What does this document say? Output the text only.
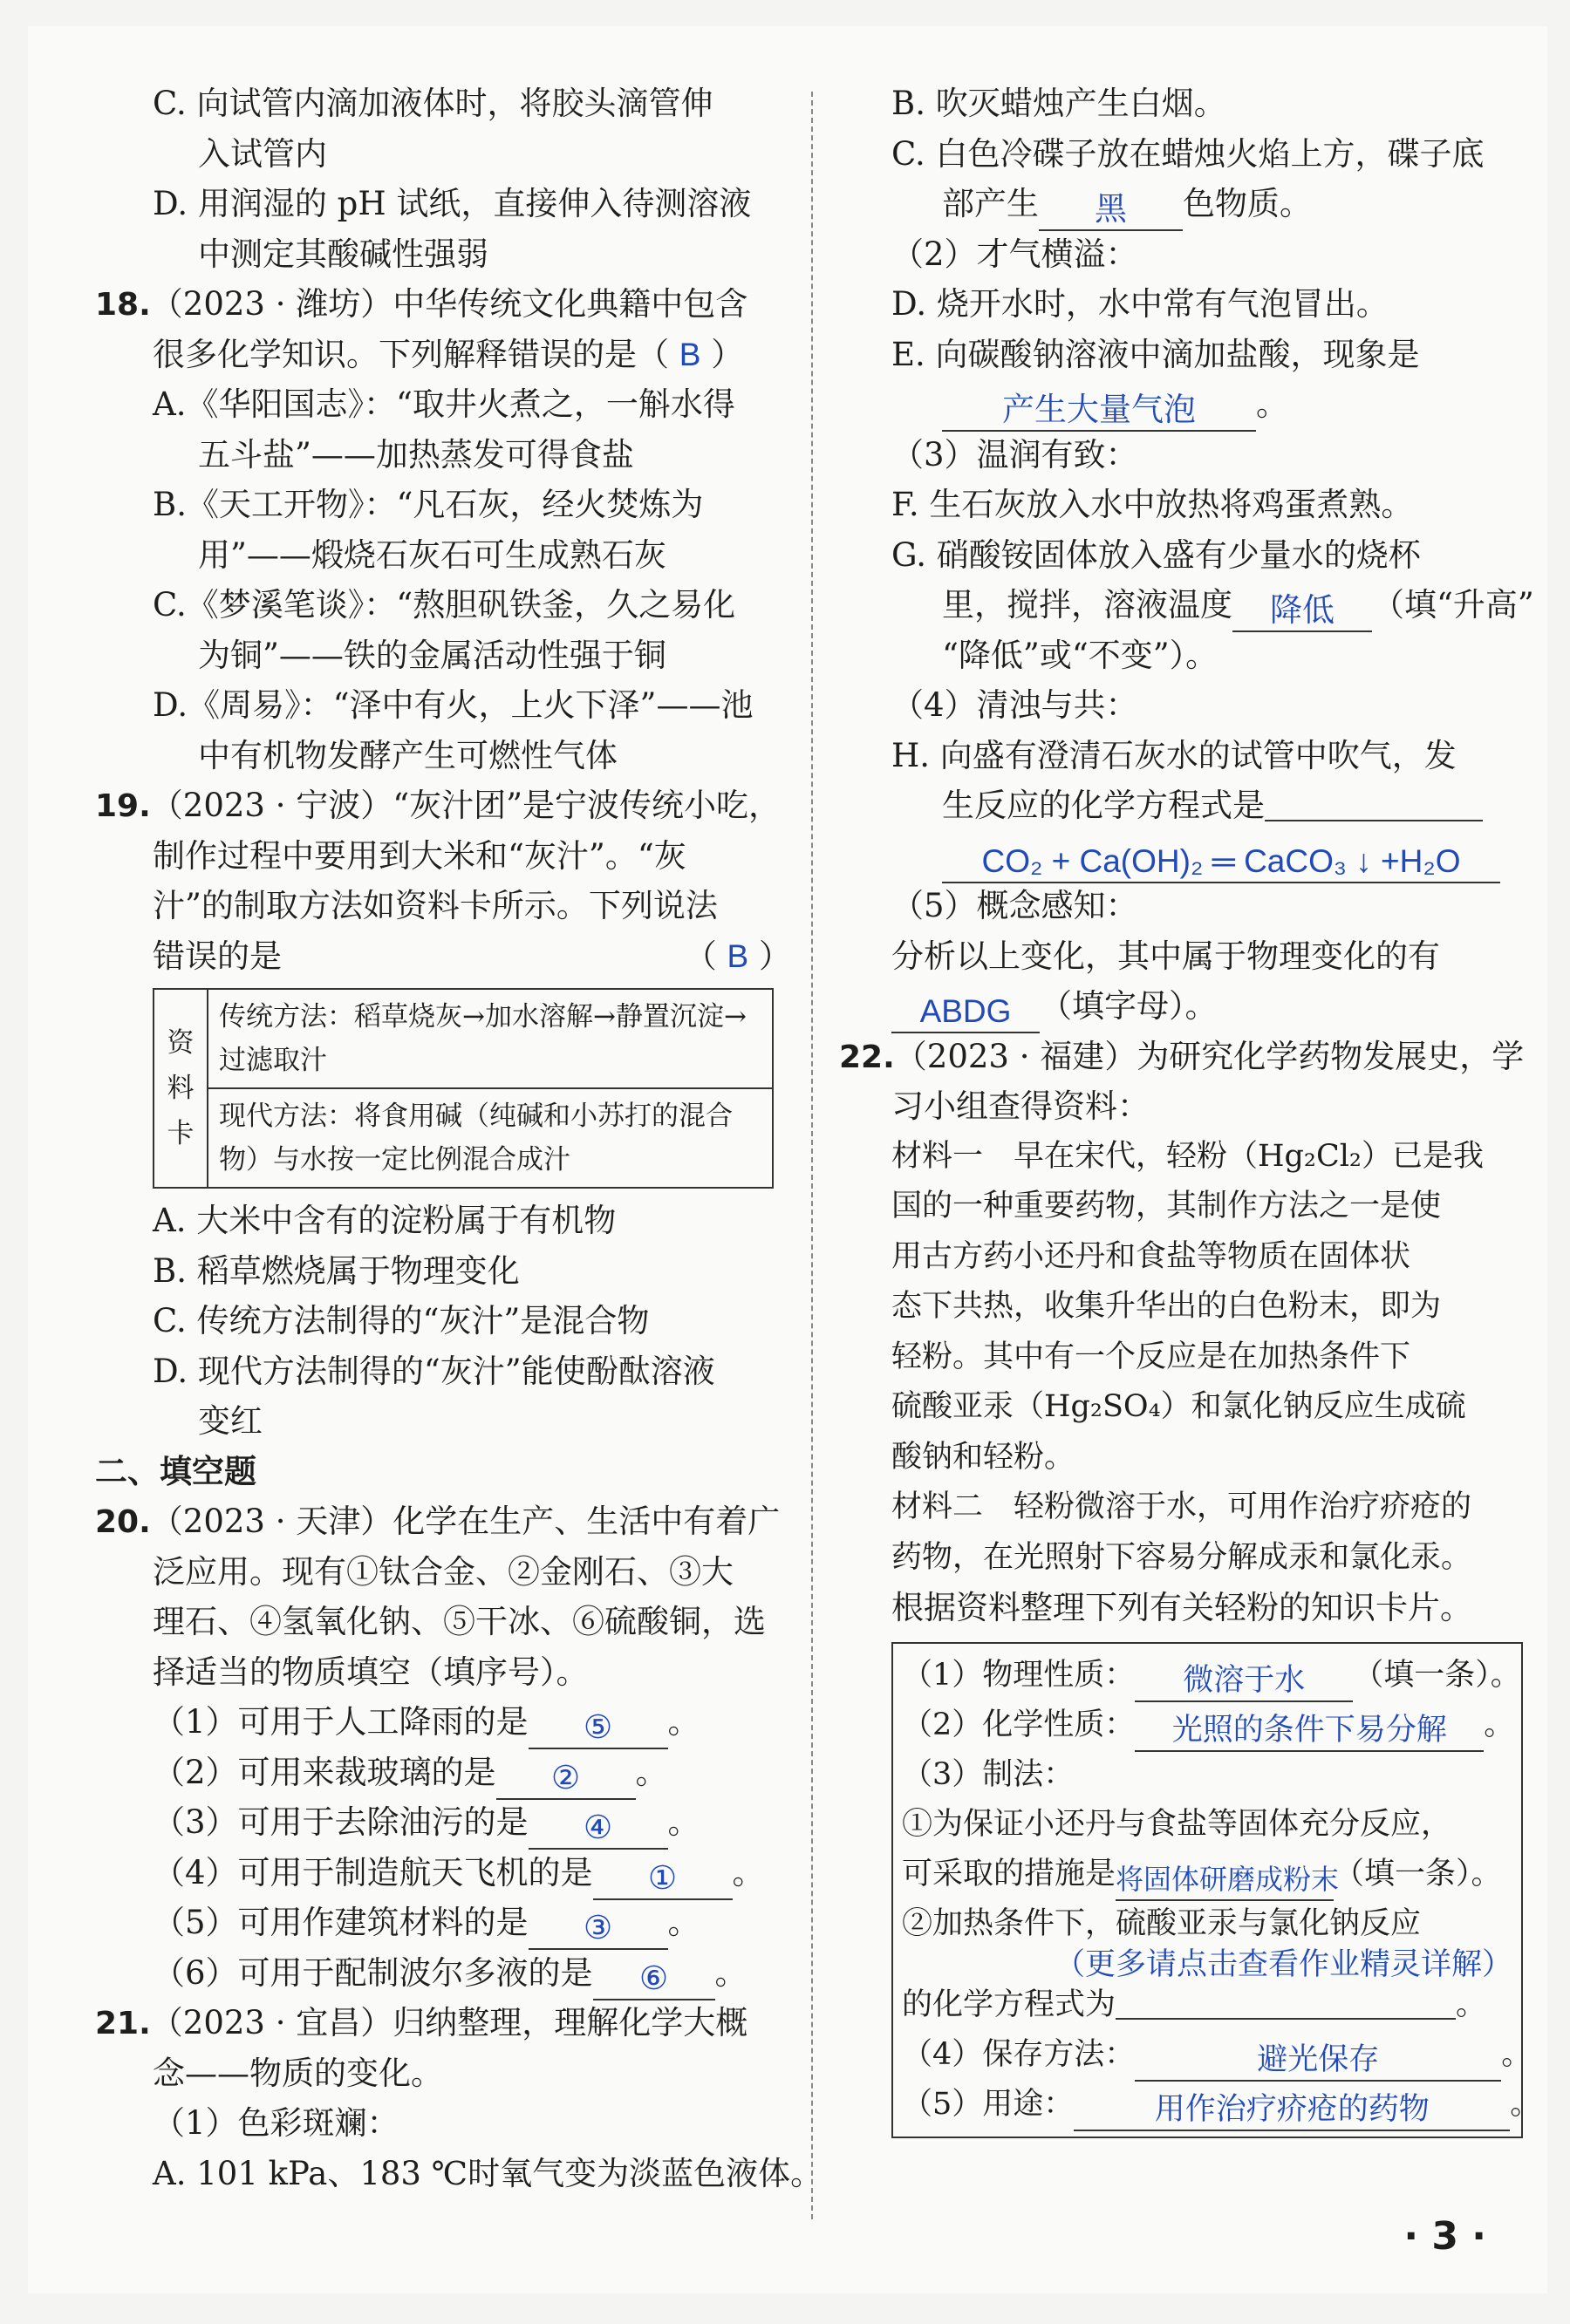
C. 向试管内滴加液体时，将胶头滴管伸
入试管内
D. 用润湿的 pH 试纸，直接伸入待测溶液
中测定其酸碱性强弱
18.（2023 · 潍坊）中华传统文化典籍中包含
很多化学知识。下列解释错误的是（ B ）
A.《华阳国志》：“取井火煮之，一斛水得
五斗盐”——加热蒸发可得食盐
B.《天工开物》：“凡石灰，经火焚炼为
用”——煅烧石灰石可生成熟石灰
C.《梦溪笔谈》：“熬胆矾铁釜，久之易化
为铜”——铁的金属活动性强于铜
D.《周易》：“泽中有火，上火下泽”——池
中有机物发酵产生可燃性气体
19.（2023 · 宁波）“灰汁团”是宁波传统小吃，
制作过程中要用到大米和“灰汁”。“灰
汁”的制取方法如资料卡所示。下列说法
错误的是	（ B ）
资
料
卡
传统方法：稻草烧灰→加水溶解→静置沉淀→过滤取汁
现代方法：将食用碱（纯碱和小苏打的混合物）与水按一定比例混合成汁
A. 大米中含有的淀粉属于有机物
B. 稻草燃烧属于物理变化
C. 传统方法制得的“灰汁”是混合物
D. 现代方法制得的“灰汁”能使酚酞溶液
变红
二、填空题
20.（2023 · 天津）化学在生产、生活中有着广
泛应用。现有①钛合金、②金刚石、③大
理石、④氢氧化钠、⑤干冰、⑥硫酸铜，选
择适当的物质填空（填序号）。
（1）可用于人工降雨的是 ⑤ 。
（2）可用来裁玻璃的是 ② 。
（3）可用于去除油污的是 ④ 。
（4）可用于制造航天飞机的是 ① 。
（5）可用作建筑材料的是 ③ 。
（6）可用于配制波尔多液的是 ⑥ 。
21.（2023 · 宜昌）归纳整理，理解化学大概
念——物质的变化。
（1）色彩斑斓：
A. 101 kPa、183 ℃时氧气变为淡蓝色液体。
B. 吹灭蜡烛产生白烟。
C. 白色冷碟子放在蜡烛火焰上方，碟子底
部产生 黑 色物质。
（2）才气横溢：
D. 烧开水时，水中常有气泡冒出。
E. 向碳酸钠溶液中滴加盐酸，现象是
产生大量气泡 。
（3）温润有致：
F. 生石灰放入水中放热将鸡蛋煮熟。
G. 硝酸铵固体放入盛有少量水的烧杯
里，搅拌，溶液温度 降低 （填“升高”
“降低”或“不变”）。
（4）清浊与共：
H. 向盛有澄清石灰水的试管中吹气，发
生反应的化学方程式是
CO₂ + Ca(OH)₂ ═ CaCO₃ ↓ +H₂O
（5）概念感知：
分析以上变化，其中属于物理变化的有
ABDG （填字母）。
22.（2023 · 福建）为研究化学药物发展史，学
习小组查得资料：
材料一　早在宋代，轻粉（Hg₂Cl₂）已是我
国的一种重要药物，其制作方法之一是使
用古方药小还丹和食盐等物质在固体状
态下共热，收集升华出的白色粉末，即为
轻粉。其中有一个反应是在加热条件下
硫酸亚汞（Hg₂SO₄）和氯化钠反应生成硫
酸钠和轻粉。
材料二　轻粉微溶于水，可用作治疗疥疮的
药物，在光照射下容易分解成汞和氯化汞。
根据资料整理下列有关轻粉的知识卡片。
（1）物理性质： 微溶于水 （填一条）。
（2）化学性质： 光照的条件下易分解 。
（3）制法：
①为保证小还丹与食盐等固体充分反应，
可采取的措施是将固体研磨成粉末（填一条）。
②加热条件下，硫酸亚汞与氯化钠反应
（更多请点击查看作业精灵详解）
的化学方程式为	。
（4）保存方法：	避光保存	。
（5）用途：	用作治疗疥疮的药物	。
· 3 ·
